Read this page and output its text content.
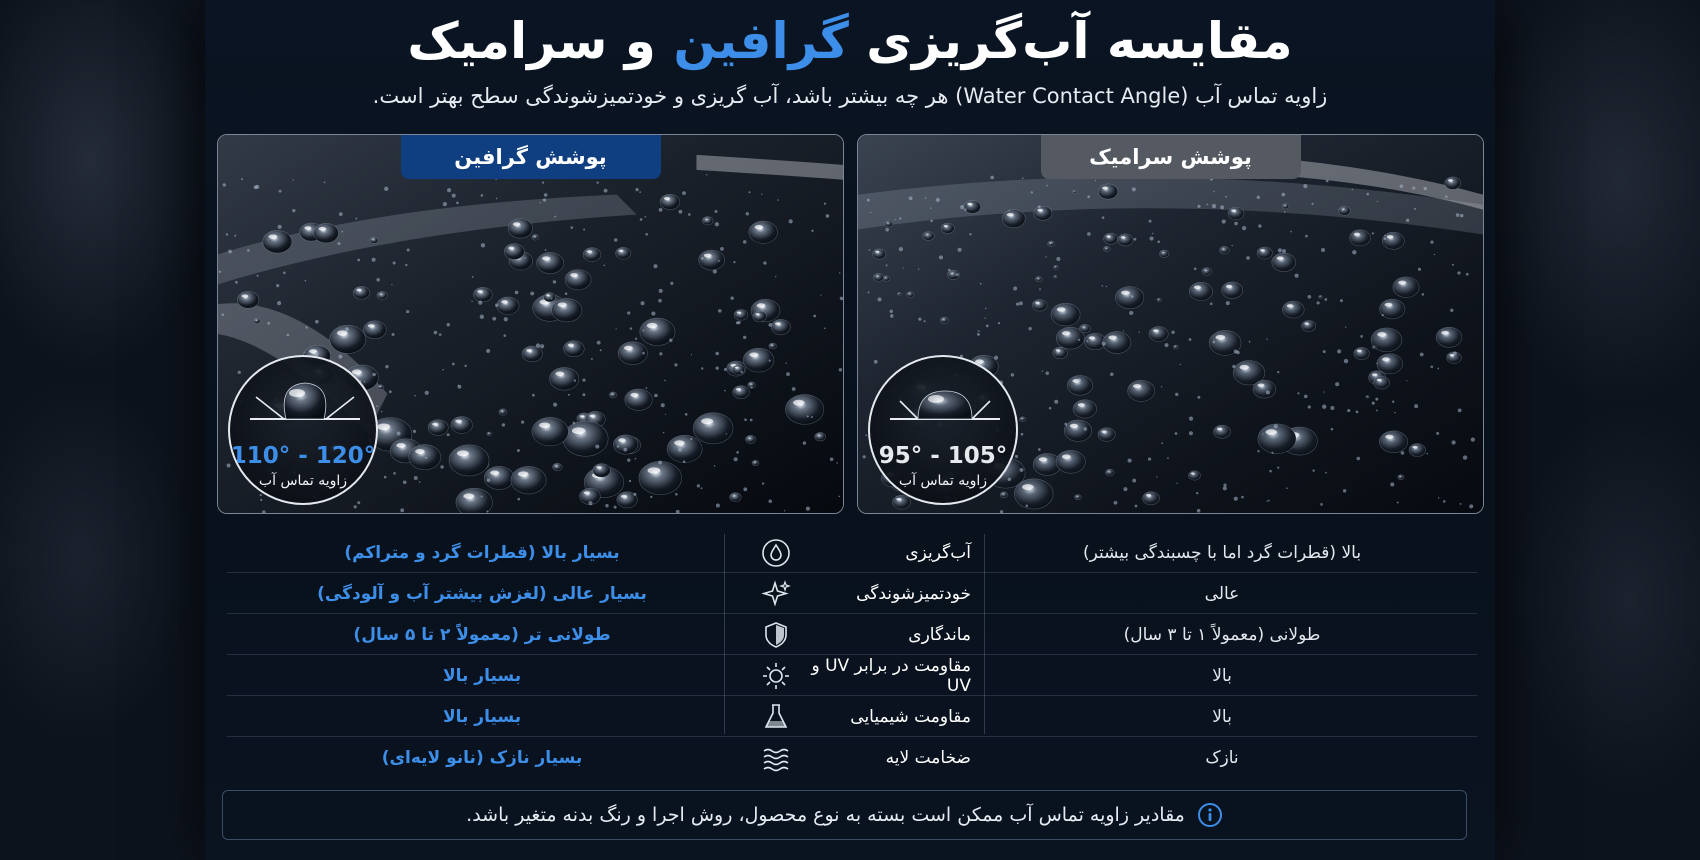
مقایسه آب‌گریزی گرافین و سرامیک
زاویه تماس آب (Water Contact Angle) هر چه بیشتر باشد، آب گریزی و خودتمیزشوندگی سطح بهتر است.
پوشش سرامیک
95° - 105°
زاویه تماس آب
پوشش گرافین
110° - 120°
زاویه تماس آب
بالا (قطرات گرد اما با چسبندگی بیشتر)
آب‌گریزی
بسیار بالا (قطرات گرد و متراکم)
عالی
خودتمیزشوندگی
بسیار عالی (لغزش بیشتر آب و آلودگی)
طولانی (معمولاً ۱ تا ۳ سال)
ماندگاری
طولانی تر (معمولاً ۲ تا ۵ سال)
بالا
مقاومت در برابر UV و UV
بسیار بالا
بالا
مقاومت شیمیایی
بسیار بالا
نازک
ضخامت لایه
بسیار نازک (نانو لایه‌ای)
مقادیر زاویه تماس آب ممکن است بسته به نوع محصول، روش اجرا و رنگ بدنه متغیر باشد.
